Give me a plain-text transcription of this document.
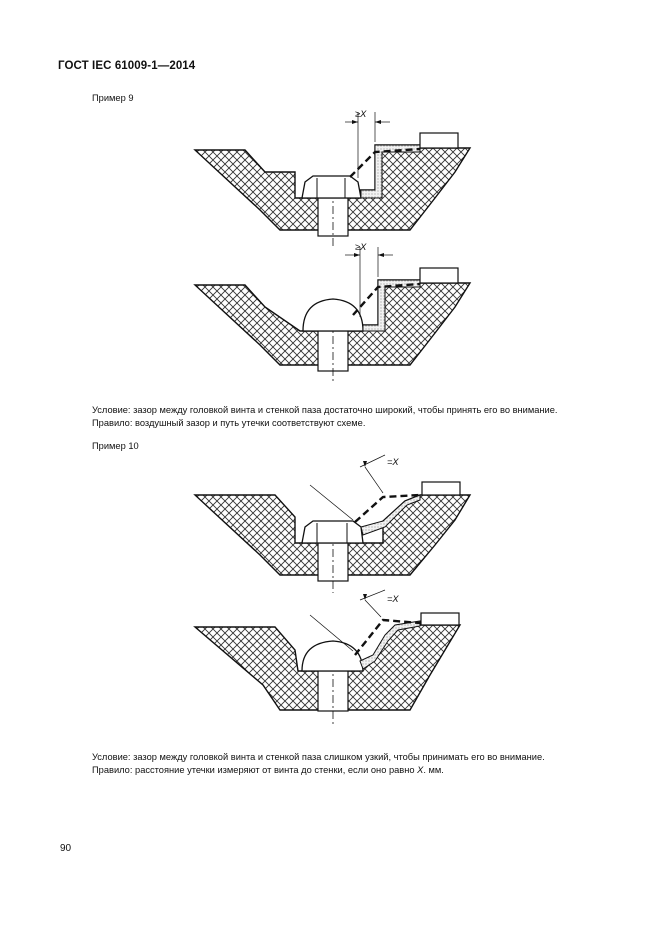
ГОСТ IEC 61009-1—2014
Пример 9
≥X
≥X
Условие: зазор между головкой винта и стенкой паза достаточно широкий, чтобы принять его во внимание.
Правило: воздушный зазор и путь утечки соответствуют схеме.
Пример 10
=X
=X
Условие: зазор между головкой винта и стенкой паза слишком узкий, чтобы принимать его во внимание.
Правило: расстояние утечки измеряют от винта до стенки, если оно равно X. мм.
90
